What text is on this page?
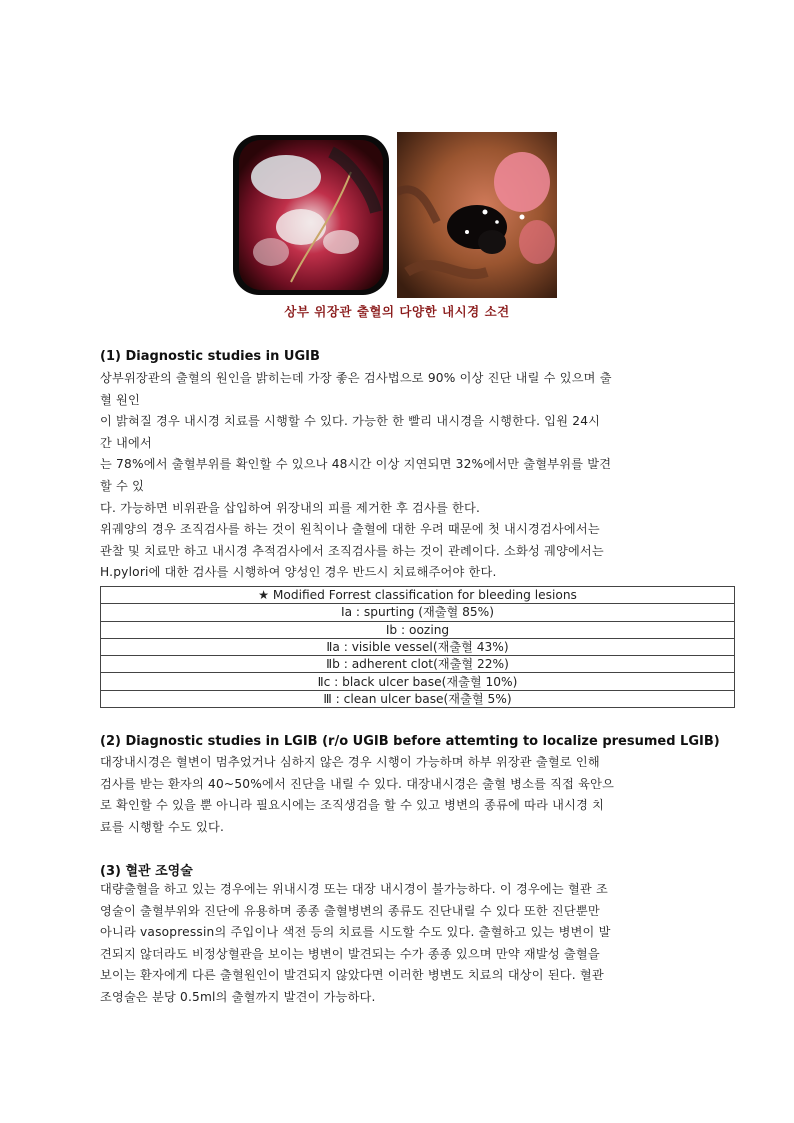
상부 위장관 출혈의 다양한 내시경 소견
(1) Diagnostic studies in UGIB
상부위장관의 출혈의 원인을 밝히는데 가장 좋은 검사법으로 90% 이상 진단 내릴 수 있으며 출
혈 원인
이 밝혀질 경우 내시경 치료를 시행할 수 있다. 가능한 한 빨리 내시경을 시행한다. 입원 24시
간 내에서
는 78%에서 출혈부위를 확인할 수 있으나 48시간 이상 지연되면 32%에서만 출혈부위를 발견
할 수 있
다. 가능하면 비위관을 삽입하여 위장내의 피를 제거한 후 검사를 한다.
위궤양의 경우 조직검사를 하는 것이 원칙이나 출혈에 대한 우려 때문에 첫 내시경검사에서는
관찰 및 치료만 하고 내시경 추적검사에서 조직검사를 하는 것이 관례이다. 소화성 궤양에서는
H.pylori에 대한 검사를 시행하여 양성인 경우 반드시 치료해주어야 한다.
★ Modified Forrest classification for bleeding lesions
Ⅰa : spurting (재출혈 85%)
Ⅰb : oozing
Ⅱa : visible vessel(재출혈 43%)
Ⅱb : adherent clot(재출혈 22%)
Ⅱc : black ulcer base(재출혈 10%)
Ⅲ : clean ulcer base(재출혈 5%)
(2) Diagnostic studies in LGIB (r/o UGIB before attemting to localize presumed LGIB)
대장내시경은 혈변이 멈추었거나 심하지 않은 경우 시행이 가능하며 하부 위장관 출혈로 인해
검사를 받는 환자의 40~50%에서 진단을 내릴 수 있다. 대장내시경은 출혈 병소를 직접 육안으
로 확인할 수 있을 뿐 아니라 필요시에는 조직생검을 할 수 있고 병변의 종류에 따라 내시경 치
료를 시행할 수도 있다.
(3) 혈관 조영술
대량출혈을 하고 있는 경우에는 위내시경 또는 대장 내시경이 불가능하다. 이 경우에는 혈관 조
영술이 출혈부위와 진단에 유용하며 종종 출혈병변의 종류도 진단내릴 수 있다 또한 진단뿐만
아니라 vasopressin의 주입이나 색전 등의 치료를 시도할 수도 있다. 출혈하고 있는 병변이 발
견되지 않더라도 비정상혈관을 보이는 병변이 발견되는 수가 종종 있으며 만약 재발성 출혈을
보이는 환자에게 다른 출혈원인이 발견되지 않았다면 이러한 병변도 치료의 대상이 된다. 혈관
조영술은 분당 0.5ml의 출혈까지 발견이 가능하다.
